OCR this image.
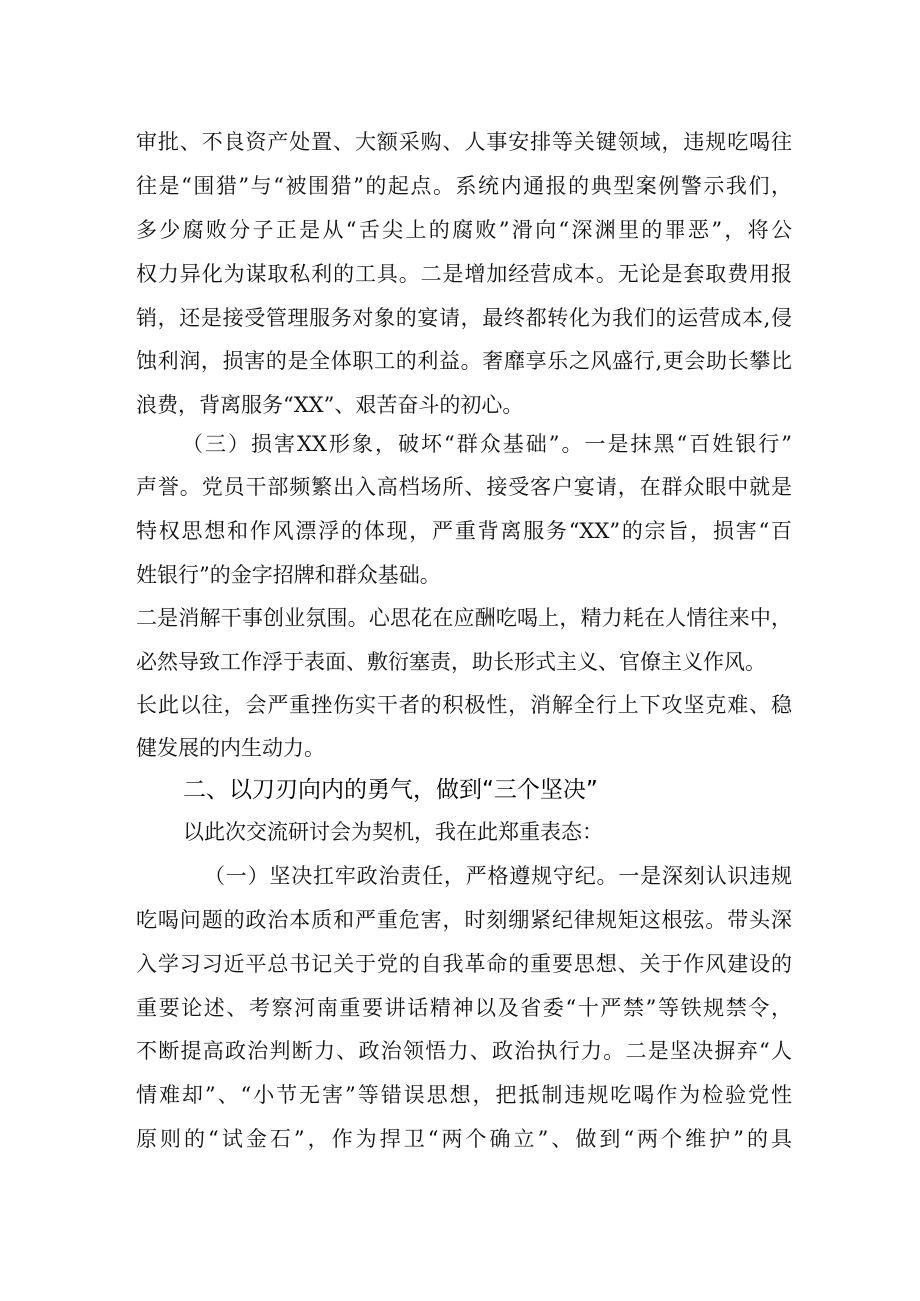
审批、不良资产处置、大额采购、人事安排等关键领域，违规吃喝往
往是“围猎”与“被围猎”的起点。系统内通报的典型案例警示我们，
多少腐败分子正是从“舌尖上的腐败”滑向“深渊里的罪恶”，将公
权力异化为谋取私利的工具。二是增加经营成本。无论是套取费用报
销，还是接受管理服务对象的宴请，最终都转化为我们的运营成本,侵
蚀利润，损害的是全体职工的利益。奢靡享乐之风盛行,更会助长攀比
浪费，背离服务“XX”、艰苦奋斗的初心。
（三）损害XX形象，破坏“群众基础”。一是抹黑“百姓银行”
声誉。党员干部频繁出入高档场所、接受客户宴请，在群众眼中就是
特权思想和作风漂浮的体现，严重背离服务“XX”的宗旨，损害“百
姓银行”的金字招牌和群众基础。
二是消解干事创业氛围。心思花在应酬吃喝上，精力耗在人情往来中，
必然导致工作浮于表面、敷衍塞责，助长形式主义、官僚主义作风。
长此以往，会严重挫伤实干者的积极性，消解全行上下攻坚克难、稳
健发展的内生动力。
二、以刀刃向内的勇气，做到“三个坚决”
以此次交流研讨会为契机，我在此郑重表态：
（一）坚决扛牢政治责任，严格遵规守纪。一是深刻认识违规
吃喝问题的政治本质和严重危害，时刻绷紧纪律规矩这根弦。带头深
入学习习近平总书记关于党的自我革命的重要思想、关于作风建设的
重要论述、考察河南重要讲话精神以及省委“十严禁”等铁规禁令，
不断提高政治判断力、政治领悟力、政治执行力。二是坚决摒弃“人
情难却”、“小节无害”等错误思想，把抵制违规吃喝作为检验党性
原则的“试金石”，作为捍卫“两个确立”、做到“两个维护”的具
